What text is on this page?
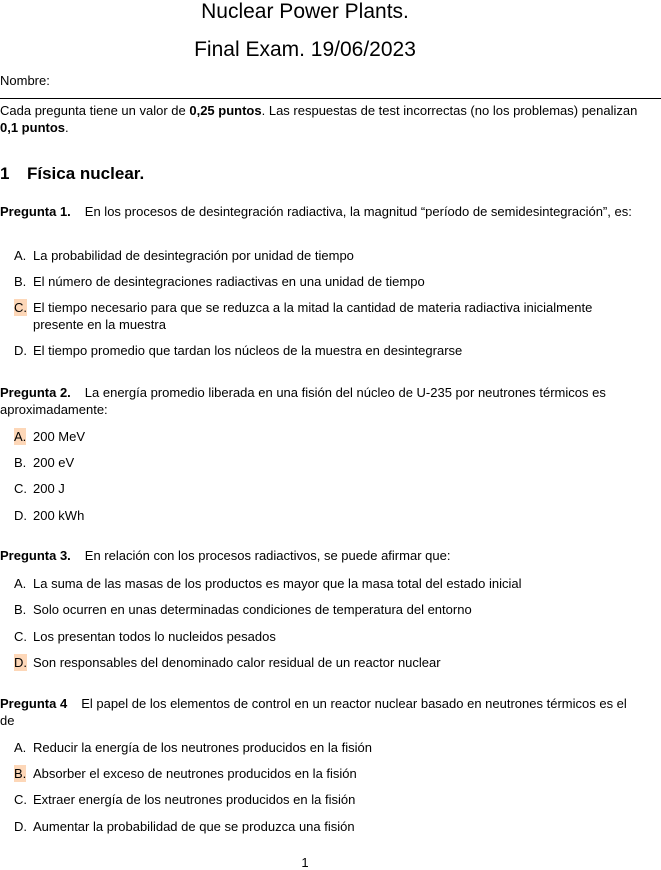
Nuclear Power Plants.
Final Exam. 19/06/2023
Nombre:
Cada pregunta tiene un valor de 0,25 puntos. Las respuestas de test incorrectas (no los problemas) penalizan 0,1 puntos.
1 Física nuclear.
Pregunta 1. En los procesos de desintegración radiactiva, la magnitud “período de semidesintegración”, es:
A. La probabilidad de desintegración por unidad de tiempo
B. El número de desintegraciones radiactivas en una unidad de tiempo
C. El tiempo necesario para que se reduzca a la mitad la cantidad de materia radiactiva inicialmente presente en la muestra
D. El tiempo promedio que tardan los núcleos de la muestra en desintegrarse
Pregunta 2. La energía promedio liberada en una fisión del núcleo de U-235 por neutrones térmicos es aproximadamente:
A. 200 MeV
B. 200 eV
C. 200 J
D. 200 kWh
Pregunta 3. En relación con los procesos radiactivos, se puede afirmar que:
A. La suma de las masas de los productos es mayor que la masa total del estado inicial
B. Solo ocurren en unas determinadas condiciones de temperatura del entorno
C. Los presentan todos lo nucleidos pesados
D. Son responsables del denominado calor residual de un reactor nuclear
Pregunta 4 El papel de los elementos de control en un reactor nuclear basado en neutrones térmicos es el de
A. Reducir la energía de los neutrones producidos en la fisión
B. Absorber el exceso de neutrones producidos en la fisión
C. Extraer energía de los neutrones producidos en la fisión
D. Aumentar la probabilidad de que se produzca una fisión
1
